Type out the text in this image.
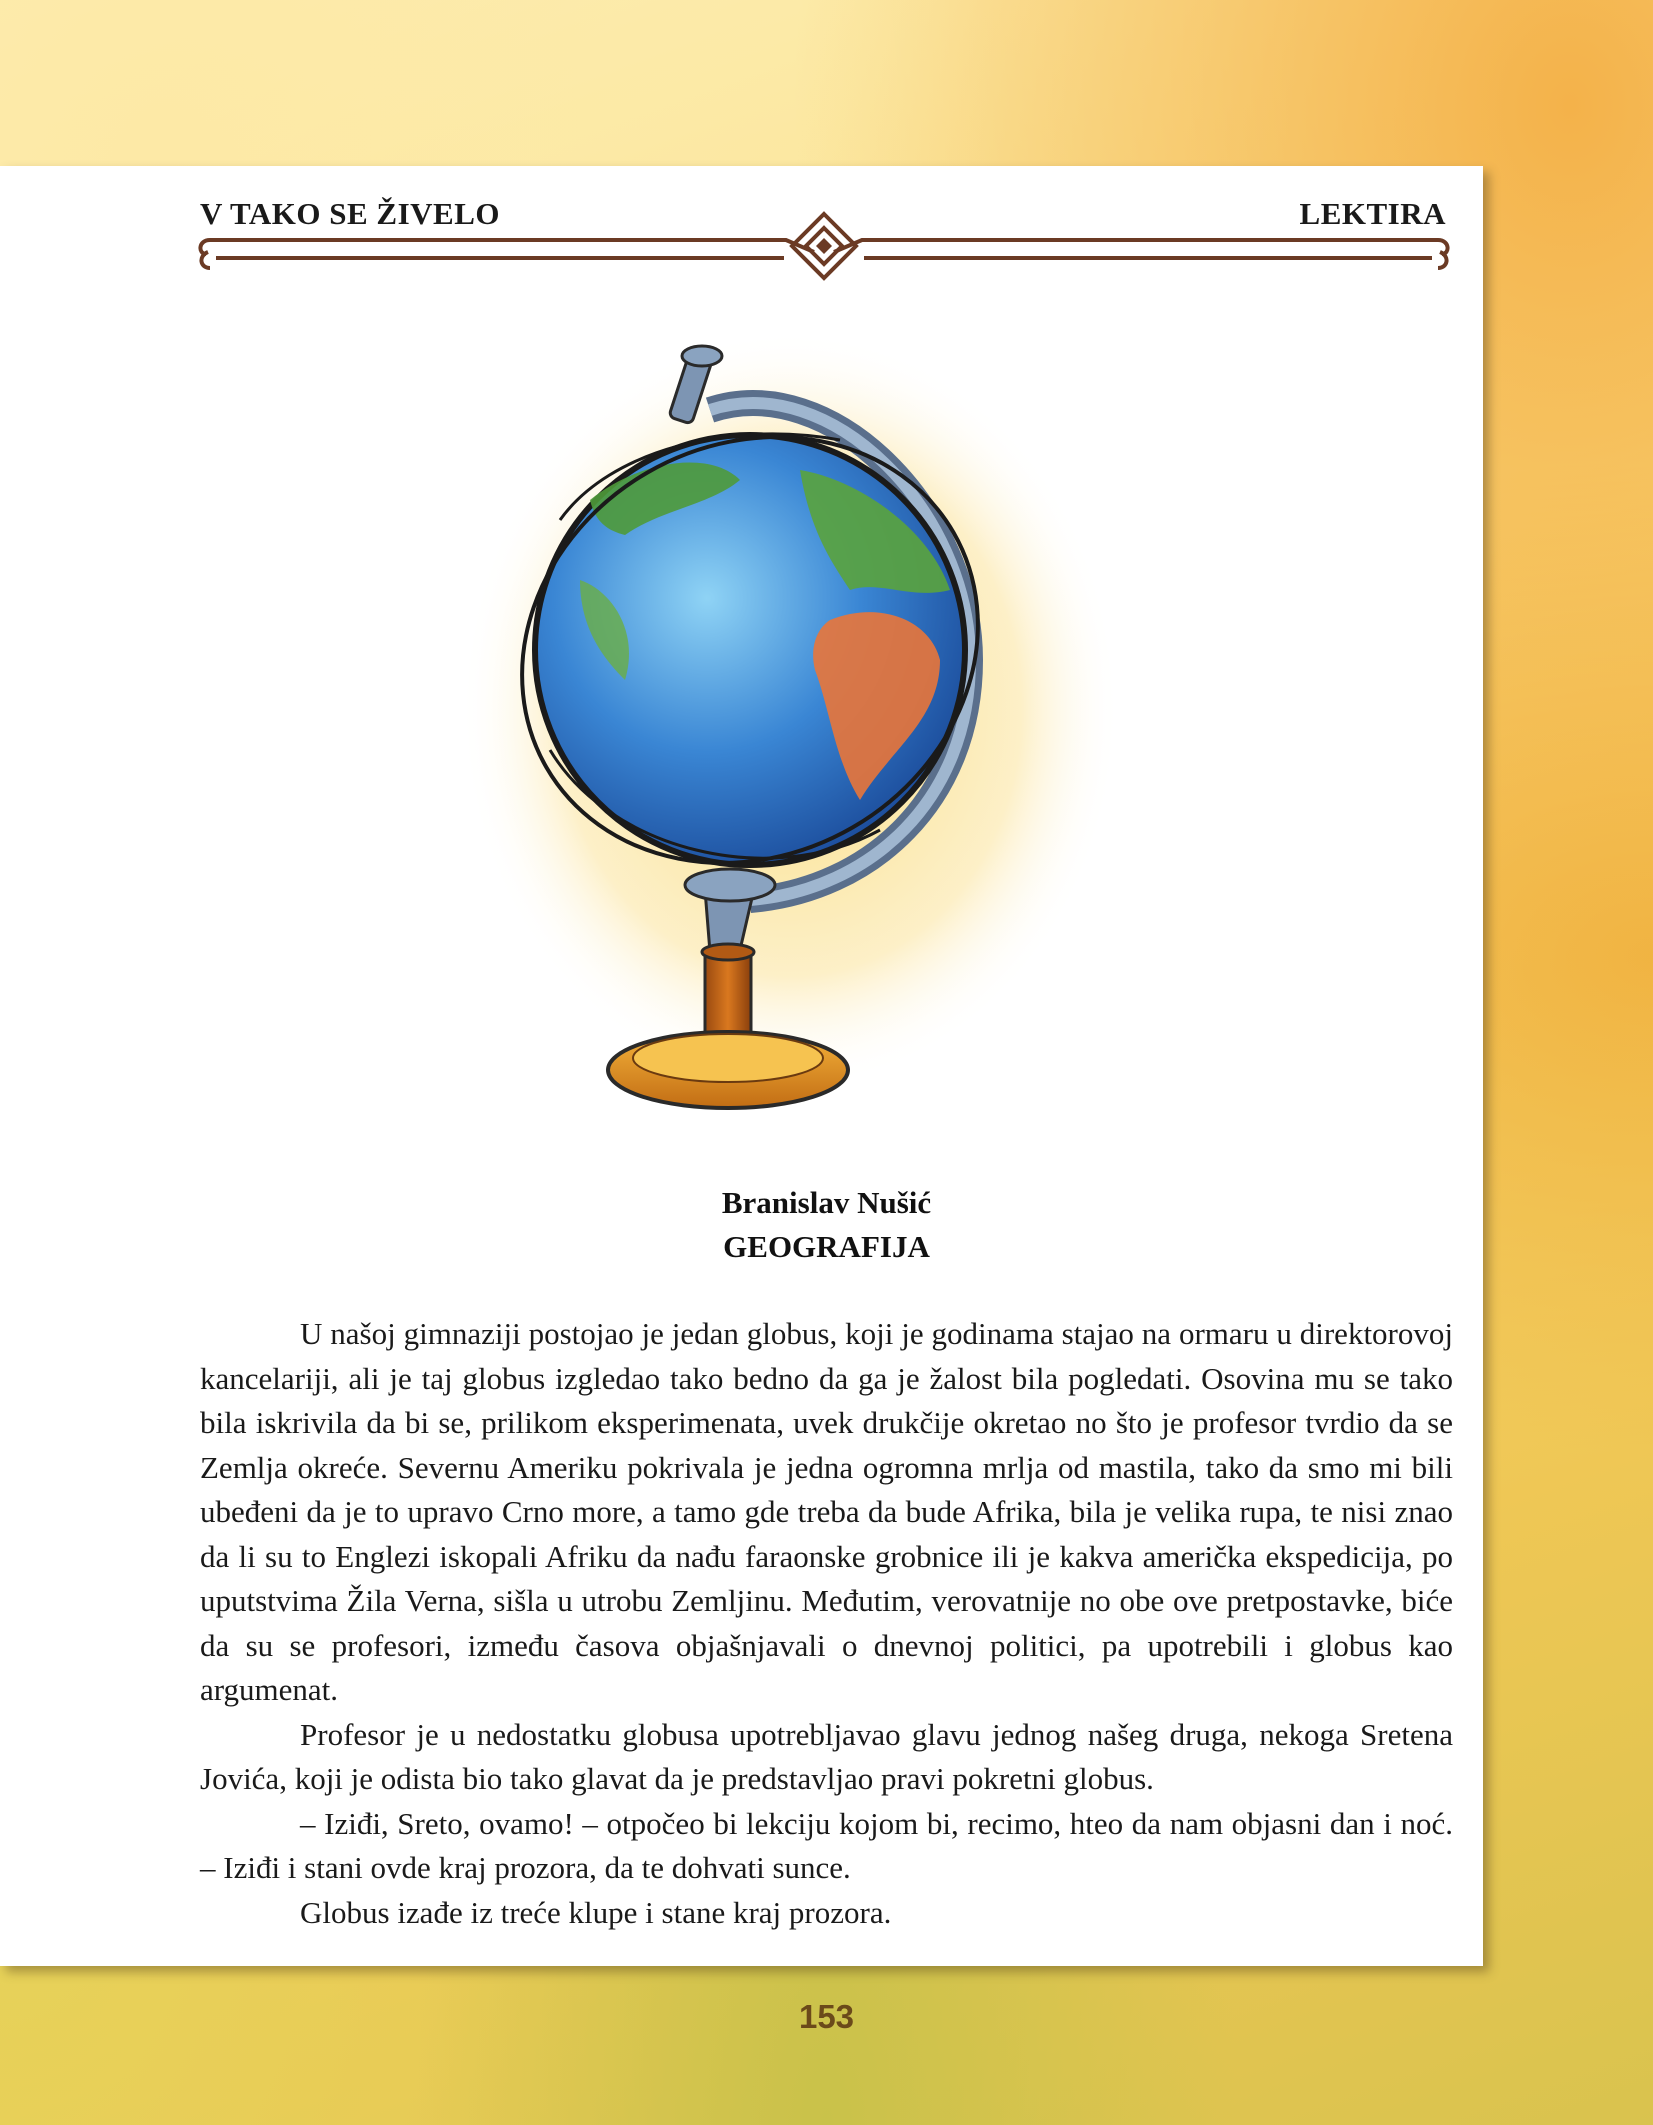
V TAKO SE ŽIVELO	LEKTIRA
Branislav Nušić
GEOGRAFIJA

U našoj gimnaziji postojao je jedan globus, koji je godinama stajao na ormaru u direktorovoj kancelariji, ali je taj globus izgledao tako bedno da ga je žalost bila pogledati. Osovina mu se tako bila iskrivila da bi se, prilikom eksperimenata, uvek drukčije okretao no što je profesor tvrdio da se Zemlja okreće. Severnu Ameriku pokrivala je jedna ogromna mrlja od mastila, tako da smo mi bili ubeđeni da je to upravo Crno more, a tamo gde treba da bude Afrika, bila je velika rupa, te nisi znao da li su to Englezi iskopali Afriku da nađu faraonske grobnice ili je kakva američka ekspedicija, po uputstvima Žila Verna, sišla u utrobu Zemljinu. Međutim, verovatnije no obe ove pretpostavke, biće da su se profesori, između časova objašnjavali o dnevnoj politici, pa upotrebili i globus kao argumenat.

Profesor je u nedostatku globusa upotrebljavao glavu jednog našeg druga, nekoga Sretena Jovića, koji je odista bio tako glavat da je predstavljao pravi pokretni globus.

– Iziđi, Sreto, ovamo! – otpočeo bi lekciju kojom bi, recimo, hteo da nam objasni dan i noć. – Iziđi i stani ovde kraj prozora, da te dohvati sunce.

Globus izađe iz treće klupe i stane kraj prozora.

153
